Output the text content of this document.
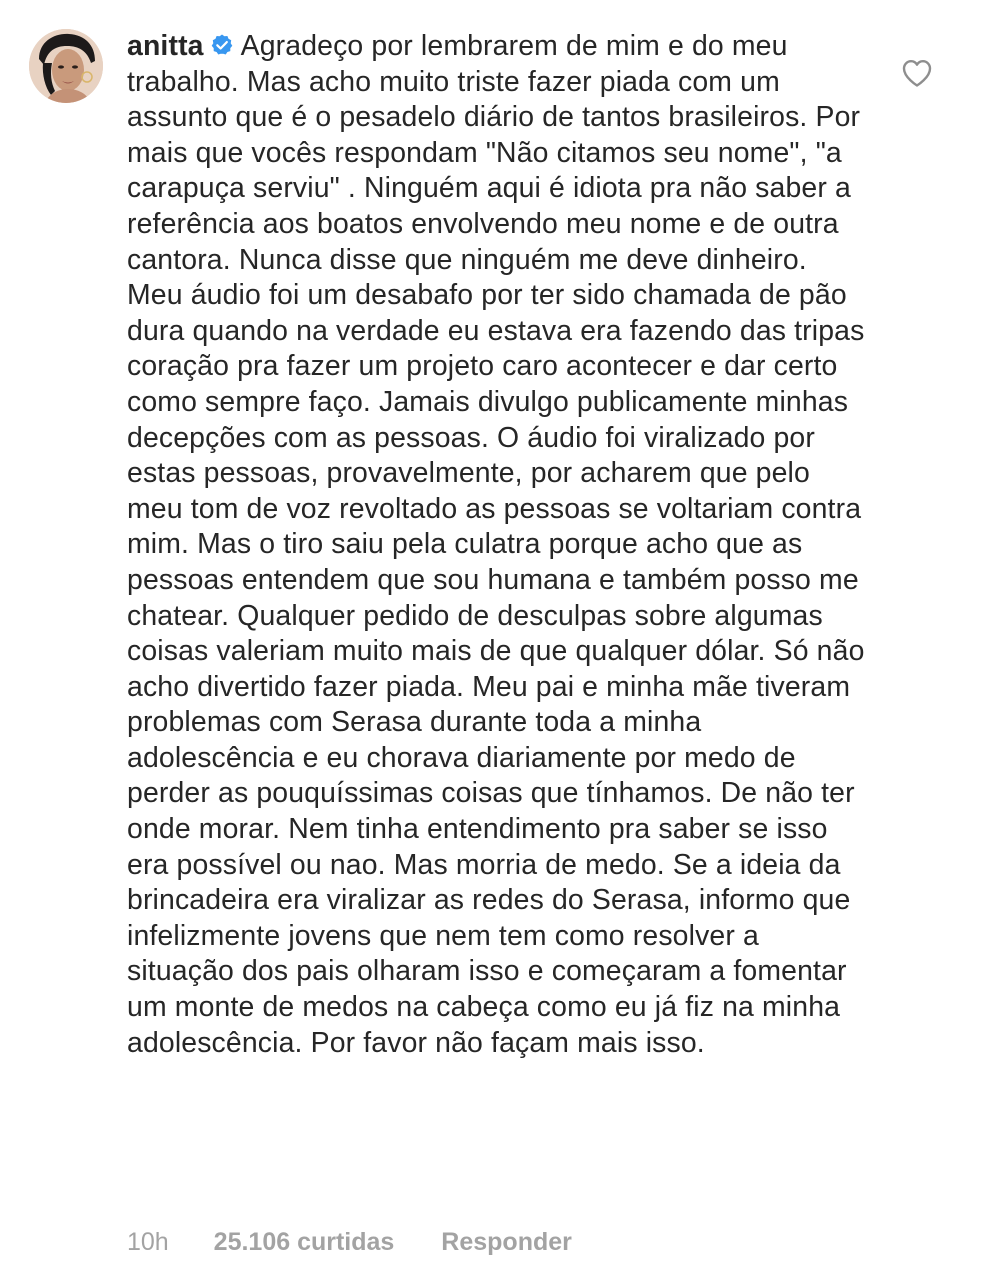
anitta Agradeço por lembrarem de mim e do meu trabalho. Mas acho muito triste fazer piada com um assunto que é o pesadelo diário de tantos brasileiros. Por mais que vocês respondam "Não citamos seu nome", "a carapuça serviu" . Ninguém aqui é idiota pra não saber a referência aos boatos envolvendo meu nome e de outra cantora. Nunca disse que ninguém me deve dinheiro. Meu áudio foi um desabafo por ter sido chamada de pão dura quando na verdade eu estava era fazendo das tripas coração pra fazer um projeto caro acontecer e dar certo como sempre faço. Jamais divulgo publicamente minhas decepções com as pessoas. O áudio foi viralizado por estas pessoas, provavelmente, por acharem que pelo meu tom de voz revoltado as pessoas se voltariam contra mim. Mas o tiro saiu pela culatra porque acho que as pessoas entendem que sou humana e também posso me chatear. Qualquer pedido de desculpas sobre algumas coisas valeriam muito mais de que qualquer dólar. Só não acho divertido fazer piada. Meu pai e minha mãe tiveram problemas com Serasa durante toda a minha adolescência e eu chorava diariamente por medo de perder as pouquíssimas coisas que tínhamos. De não ter onde morar. Nem tinha entendimento pra saber se isso era possível ou nao. Mas morria de medo. Se a ideia da brincadeira era viralizar as redes do Serasa, informo que infelizmente jovens que nem tem como resolver a situação dos pais olharam isso e começaram a fomentar um monte de medos na cabeça como eu já fiz na minha adolescência. Por favor não façam mais isso.

10h 25.106 curtidas Responder
